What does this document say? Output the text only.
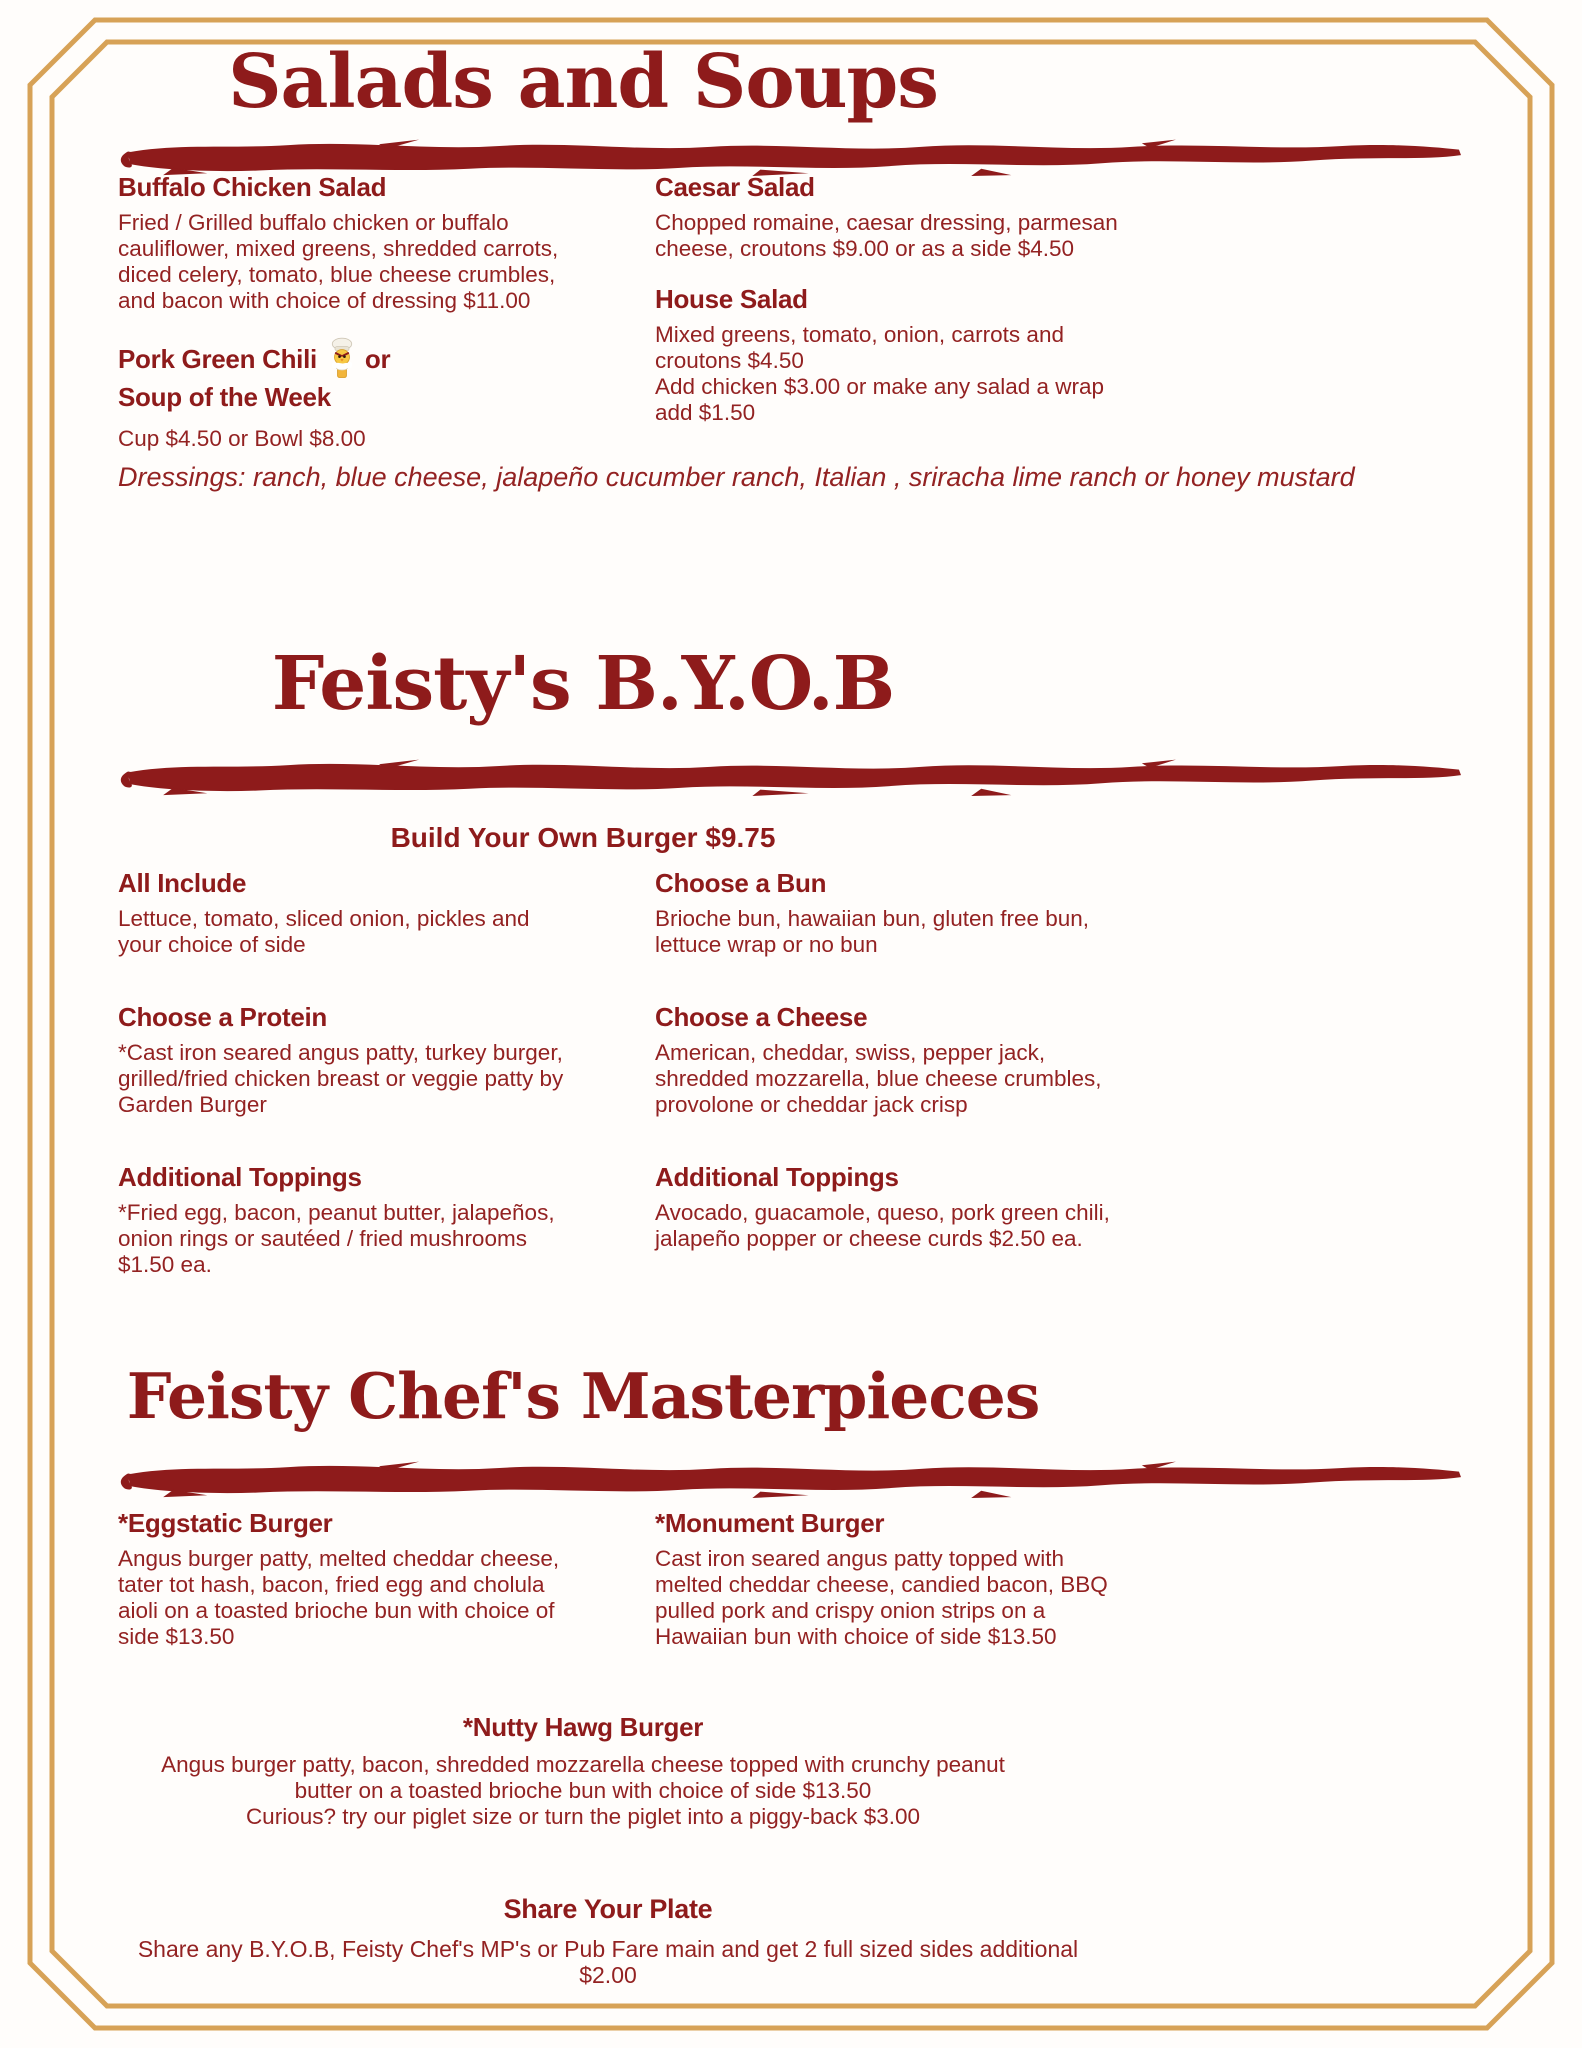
Salads and Soups
Buffalo Chicken Salad

Fried / Grilled buffalo chicken or buffalo cauliflower, mixed greens, shredded carrots, diced celery, tomato, blue cheese crumbles, and bacon with choice of dressing $11.00

Pork Green Chili or
Soup of the Week

Cup $4.50 or Bowl $8.00

Caesar Salad

Chopped romaine, caesar dressing, parmesan cheese, croutons $9.00 or as a side $4.50

House Salad

Mixed greens, tomato, onion, carrots and croutons $4.50

Add chicken $3.00 or make any salad a wrap add $1.50

Dressings: ranch, blue cheese, jalapeño cucumber ranch, Italian , sriracha lime ranch or honey mustard
Feisty's B.Y.O.B
Build Your Own Burger $9.75
All Include

Lettuce, tomato, sliced onion, pickles and your choice of side

Choose a Bun

Brioche bun, hawaiian bun, gluten free bun, lettuce wrap or no bun

Choose a Protein

*Cast iron seared angus patty, turkey burger, grilled/fried chicken breast or veggie patty by Garden Burger

Choose a Cheese

American, cheddar, swiss, pepper jack, shredded mozzarella, blue cheese crumbles, provolone or cheddar jack crisp

Additional Toppings

*Fried egg, bacon, peanut butter, jalapeños, onion rings or sautéed / fried mushrooms $1.50 ea.

Additional Toppings

Avocado, guacamole, queso, pork green chili, jalapeño popper or cheese curds $2.50 ea.

Feisty Chef's Masterpieces
*Eggstatic Burger

Angus burger patty, melted cheddar cheese, tater tot hash, bacon, fried egg and cholula aioli on a toasted brioche bun with choice of side $13.50

*Monument Burger

Cast iron seared angus patty topped with melted cheddar cheese, candied bacon, BBQ pulled pork and crispy onion strips on a Hawaiian bun with choice of side $13.50

*Nutty Hawg Burger

Angus burger patty, bacon, shredded mozzarella cheese topped with crunchy peanut butter on a toasted brioche bun with choice of side $13.50

Curious? try our piglet size or turn the piglet into a piggy-back $3.00

Share Your Plate

Share any B.Y.O.B, Feisty Chef's MP's or Pub Fare main and get 2 full sized sides additional $2.00
